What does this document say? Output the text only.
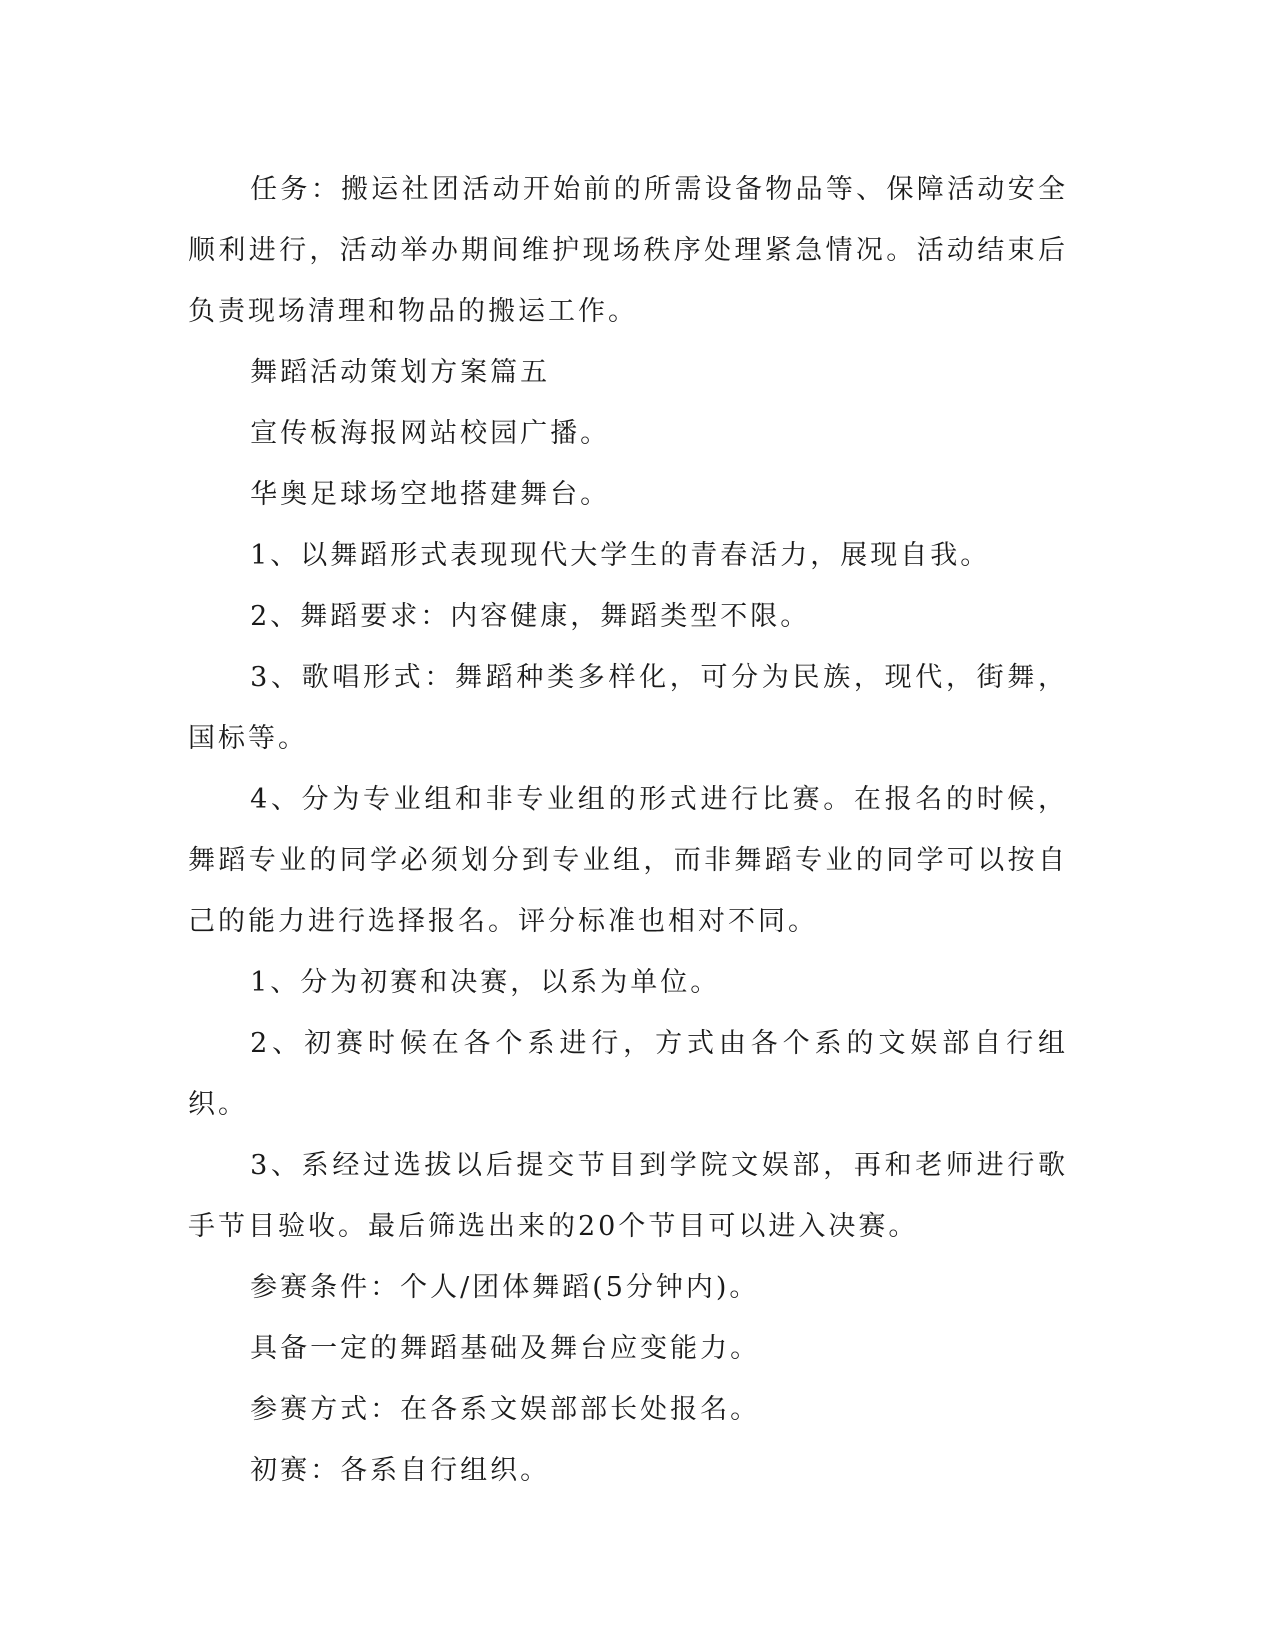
任务：搬运社团活动开始前的所需设备物品等、保障活动安全顺利进行，活动举办期间维护现场秩序处理紧急情况。活动结束后负责现场清理和物品的搬运工作。

舞蹈活动策划方案篇五

宣传板海报网站校园广播。

华奥足球场空地搭建舞台。

1、以舞蹈形式表现现代大学生的青春活力，展现自我。

2、舞蹈要求：内容健康，舞蹈类型不限。

3、歌唱形式：舞蹈种类多样化，可分为民族，现代，街舞，国标等。

4、分为专业组和非专业组的形式进行比赛。在报名的时候，舞蹈专业的同学必须划分到专业组，而非舞蹈专业的同学可以按自己的能力进行选择报名。评分标准也相对不同。

1、分为初赛和决赛，以系为单位。

2、初赛时候在各个系进行，方式由各个系的文娱部自行组织。

3、系经过选拔以后提交节目到学院文娱部，再和老师进行歌手节目验收。最后筛选出来的20个节目可以进入决赛。

参赛条件：个人/团体舞蹈(5分钟内)。

具备一定的舞蹈基础及舞台应变能力。

参赛方式：在各系文娱部部长处报名。

初赛：各系自行组织。
